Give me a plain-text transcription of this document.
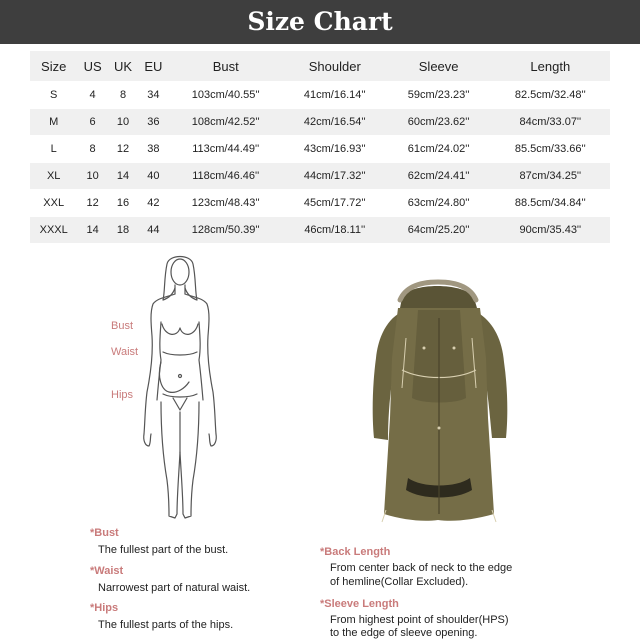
Size Chart
Size	US	UK	EU	Bust	Shoulder	Sleeve	Length
S	4	8	34	103cm/40.55''	41cm/16.14''	59cm/23.23''	82.5cm/32.48''
M	6	10	36	108cm/42.52''	42cm/16.54''	60cm/23.62''	84cm/33.07''
L	8	12	38	113cm/44.49''	43cm/16.93''	61cm/24.02''	85.5cm/33.66''
XL	10	14	40	118cm/46.46''	44cm/17.32''	62cm/24.41''	87cm/34.25''
XXL	12	16	42	123cm/48.43''	45cm/17.72''	63cm/24.80''	88.5cm/34.84''
XXXL	14	18	44	128cm/50.39''	46cm/18.11''	64cm/25.20''	90cm/35.43''
Bust
Waist
Hips
*Bust
The fullest part of the bust.
*Waist
Narrowest part of natural waist.
*Hips
The fullest parts of the hips.
*Back Length
From center back of neck to the edge
of hemline(Collar Excluded).
*Sleeve Length
From highest point of shoulder(HPS)
to the edge of sleeve opening.
